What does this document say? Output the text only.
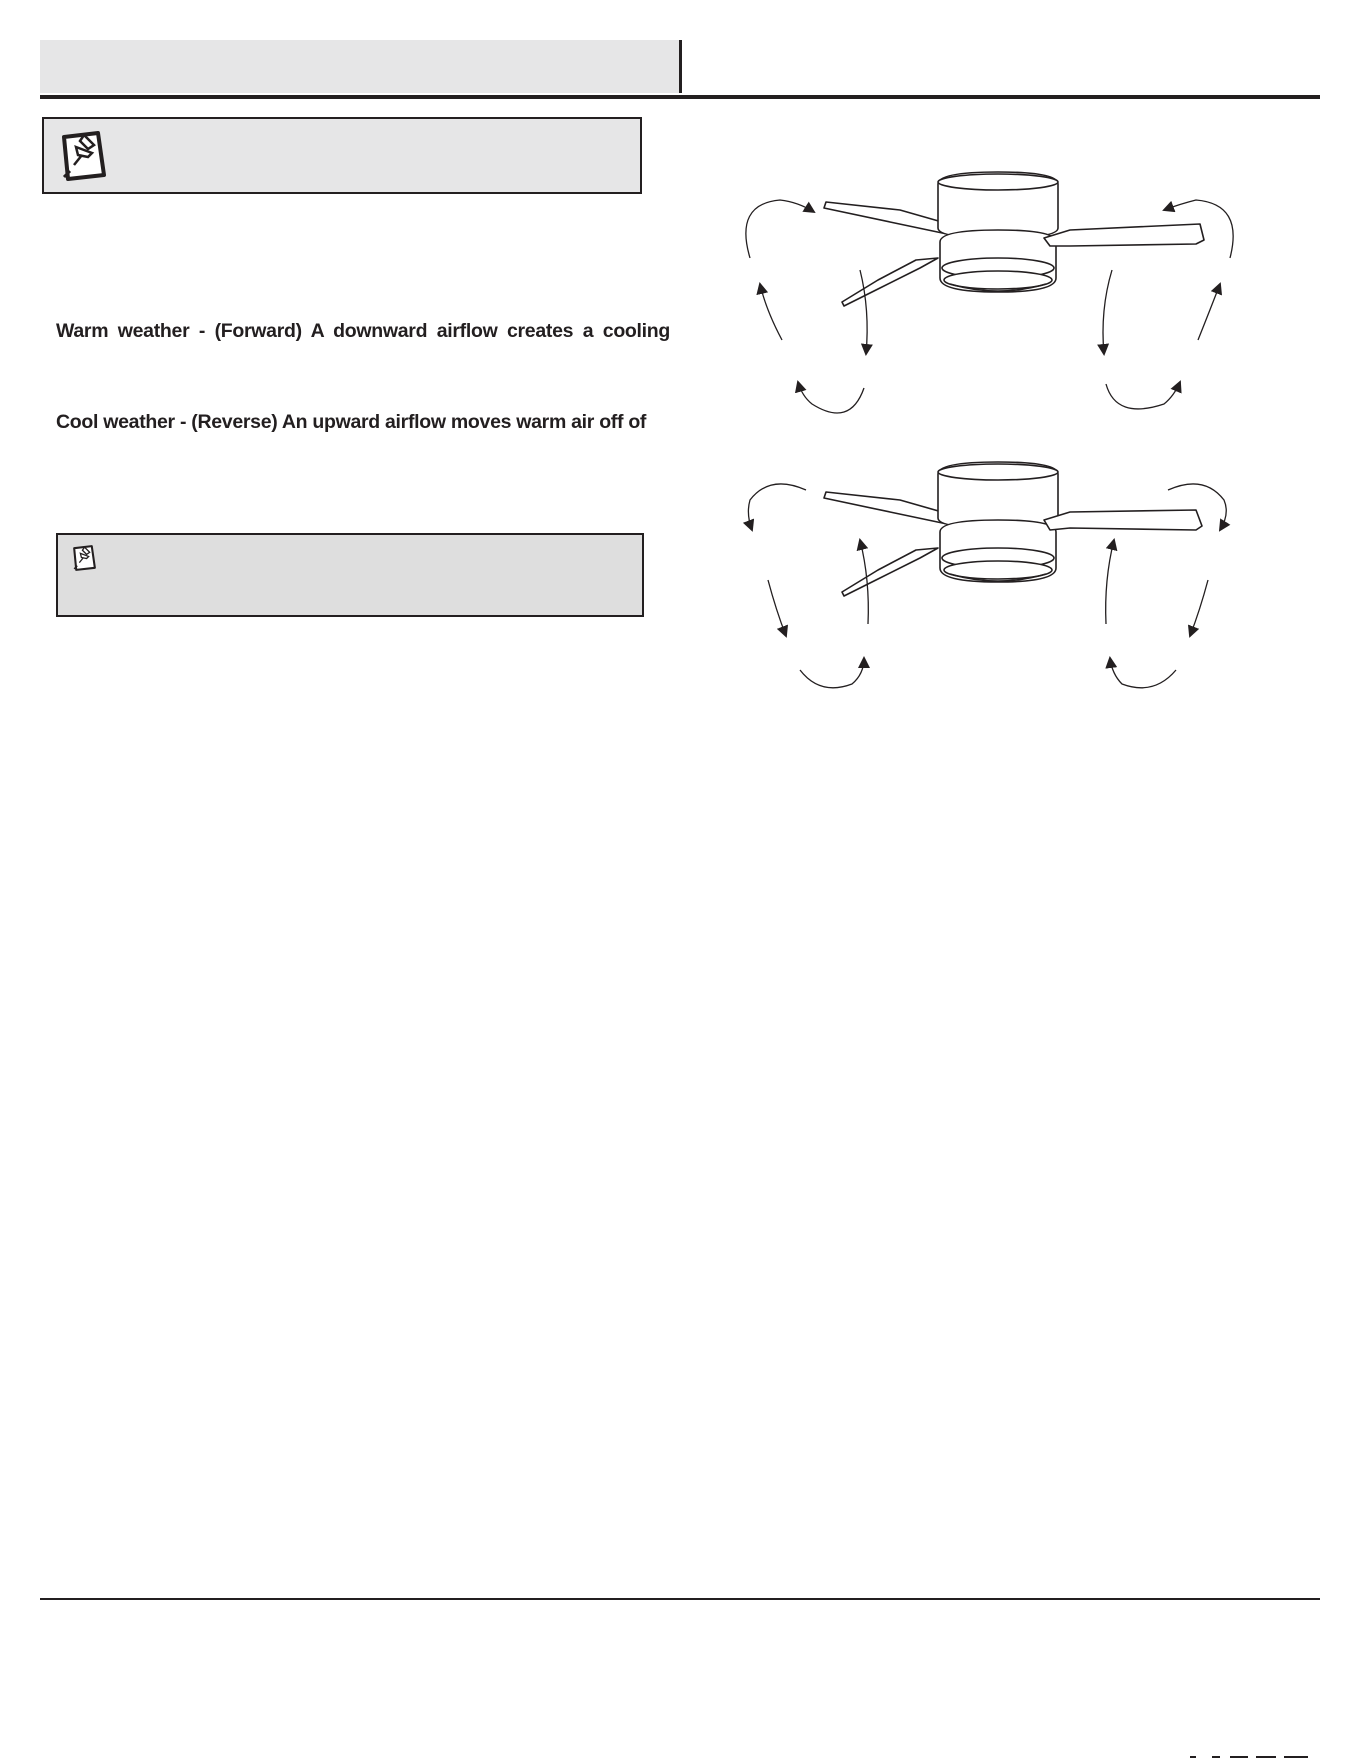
Warm weather - (Forward) A downward airflow creates a cooling
Cool weather - (Reverse) An upward airflow moves warm air off of
